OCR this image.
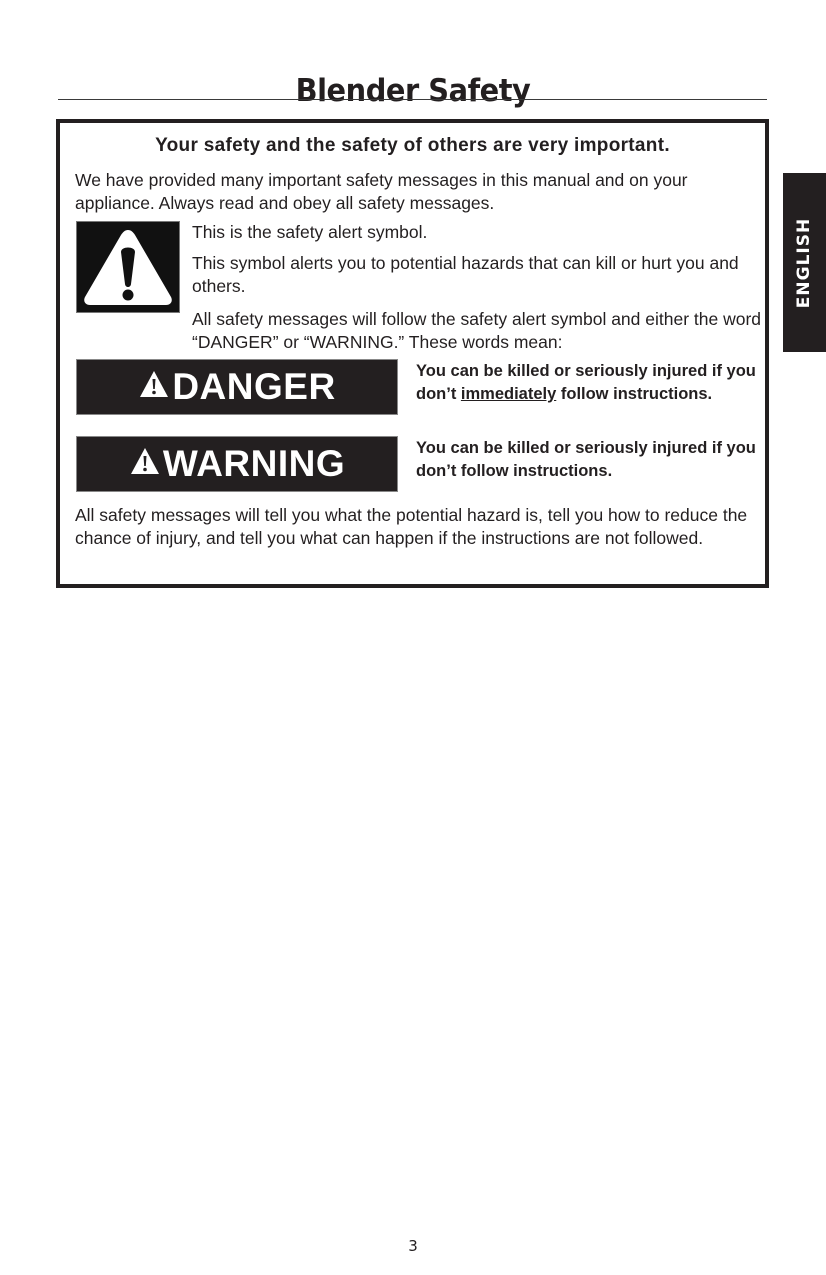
Blender Safety
ENGLISH
Your safety and the safety of others are very important.
We have provided many important safety messages in this manual and on your appliance. Always read and obey all safety messages.
This is the safety alert symbol.
This symbol alerts you to potential hazards that can kill or hurt you and others.
All safety messages will follow the safety alert symbol and either the word “DANGER” or “WARNING.” These words mean:
DANGER	You can be killed or seriously injured if you don’t immediately follow instructions.
WARNING	You can be killed or seriously injured if you don’t follow instructions.
All safety messages will tell you what the potential hazard is, tell you how to reduce the chance of injury, and tell you what can happen if the instructions are not followed.
3
